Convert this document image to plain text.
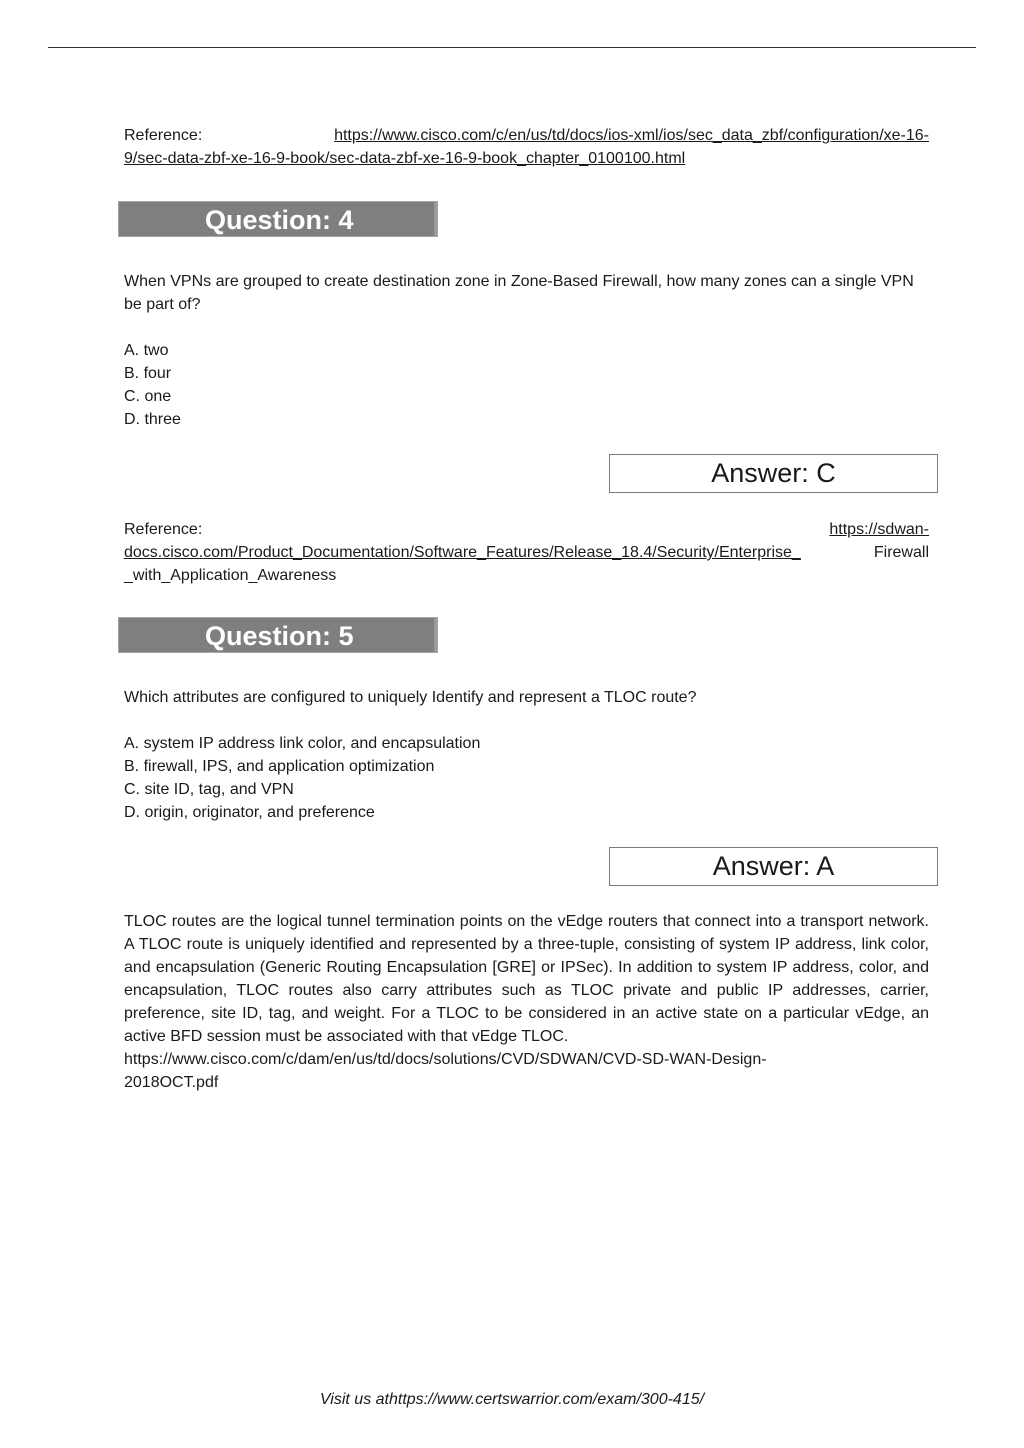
Reference:	https://www.cisco.com/c/en/us/td/docs/ios-xml/ios/sec_data_zbf/configuration/xe-16-
9/sec-data-zbf-xe-16-9-book/sec-data-zbf-xe-16-9-book_chapter_0100100.html
Question: 4
When VPNs are grouped to create destination zone in Zone-Based Firewall, how many zones can a single VPN be part of?
A. two
B. four
C. one
D. three
Answer: C
Reference:	https://sdwan-
docs.cisco.com/Product_Documentation/Software_Features/Release_18.4/Security/Enterprise_	Firewall
_with_Application_Awareness
Question: 5
Which attributes are configured to uniquely Identify and represent a TLOC route?
A. system IP address link color, and encapsulation
B. firewall, IPS, and application optimization
C. site ID, tag, and VPN
D. origin, originator, and preference
Answer: A
TLOC routes are the logical tunnel termination points on the vEdge routers that connect into a transport network. A TLOC route is uniquely identified and represented by a three-tuple, consisting of system IP address, link color, and encapsulation (Generic Routing Encapsulation [GRE] or IPSec). In addition to system IP address, color, and encapsulation, TLOC routes also carry attributes such as TLOC private and public IP addresses, carrier, preference, site ID, tag, and weight. For a TLOC to be considered in an active state on a particular vEdge, an active BFD session must be associated with that vEdge TLOC.
https://www.cisco.com/c/dam/en/us/td/docs/solutions/CVD/SDWAN/CVD-SD-WAN-Design-
2018OCT.pdf
Visit us athttps://www.certswarrior.com/exam/300-415/
